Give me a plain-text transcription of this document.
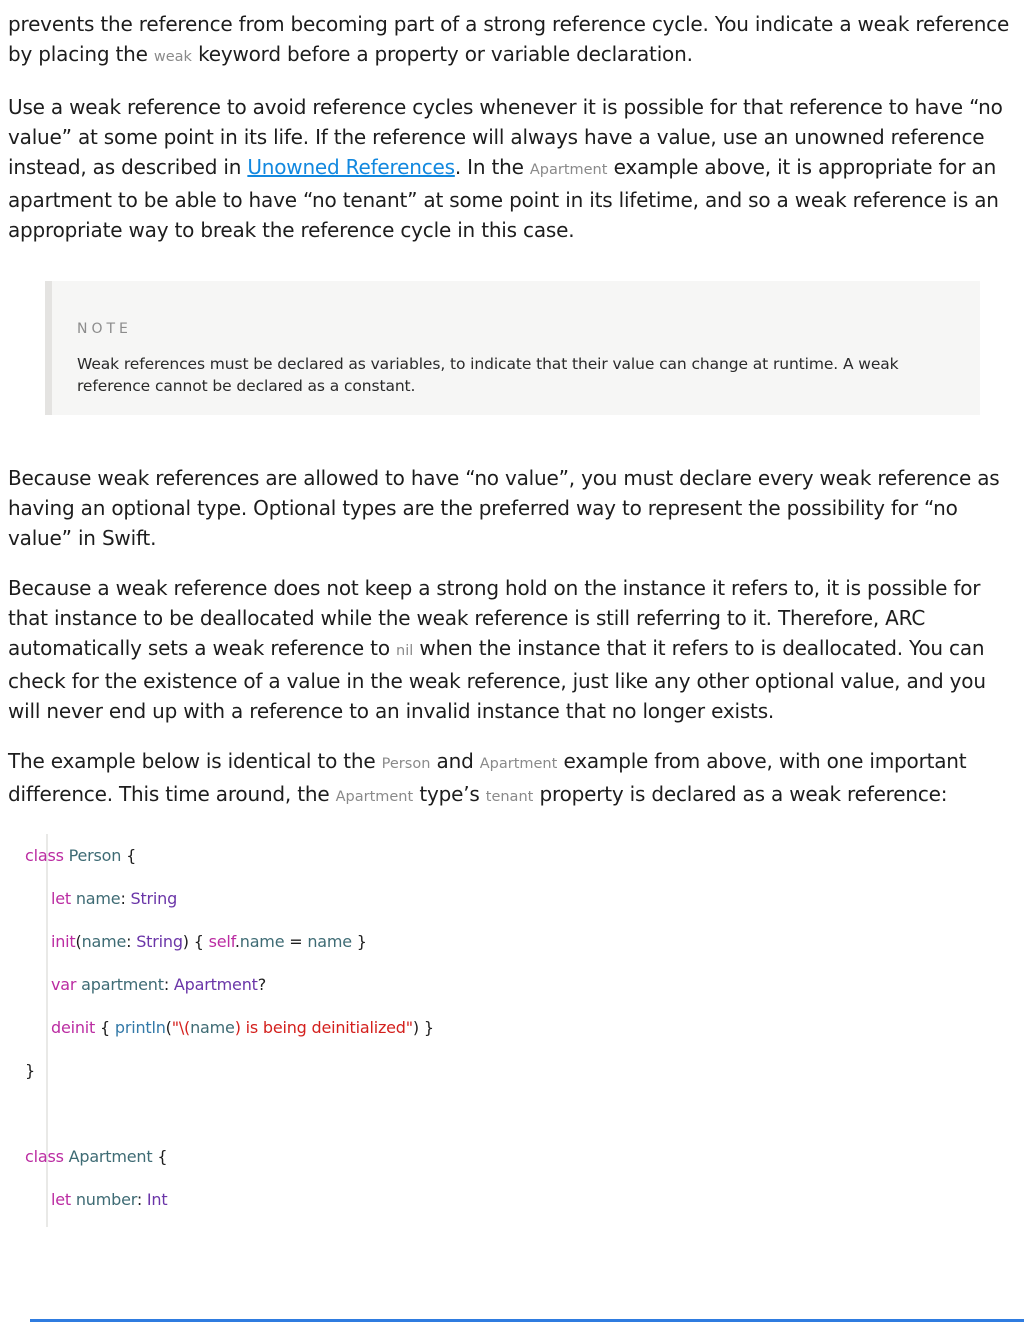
prevents the reference from becoming part of a strong reference cycle. You indicate a weak reference by placing the weak keyword before a property or variable declaration.

Use a weak reference to avoid reference cycles whenever it is possible for that reference to have “no value” at some point in its life. If the reference will always have a value, use an unowned reference instead, as described in Unowned References. In the Apartment example above, it is appropriate for an apartment to be able to have “no tenant” at some point in its lifetime, and so a weak reference is an appropriate way to break the reference cycle in this case.

NOTE
Weak references must be declared as variables, to indicate that their value can change at runtime. A weak reference cannot be declared as a constant.

Because weak references are allowed to have “no value”, you must declare every weak reference as having an optional type. Optional types are the preferred way to represent the possibility for “no value” in Swift.

Because a weak reference does not keep a strong hold on the instance it refers to, it is possible for that instance to be deallocated while the weak reference is still referring to it. Therefore, ARC automatically sets a weak reference to nil when the instance that it refers to is deallocated. You can check for the existence of a value in the weak reference, just like any other optional value, and you will never end up with a reference to an invalid instance that no longer exists.

The example below is identical to the Person and Apartment example from above, with one important difference. This time around, the Apartment type’s tenant property is declared as a weak reference:

class Person {
let name: String
init(name: String) { self.name = name }
var apartment: Apartment?
deinit { println("\(name) is being deinitialized") }
}
class Apartment {
let number: Int
